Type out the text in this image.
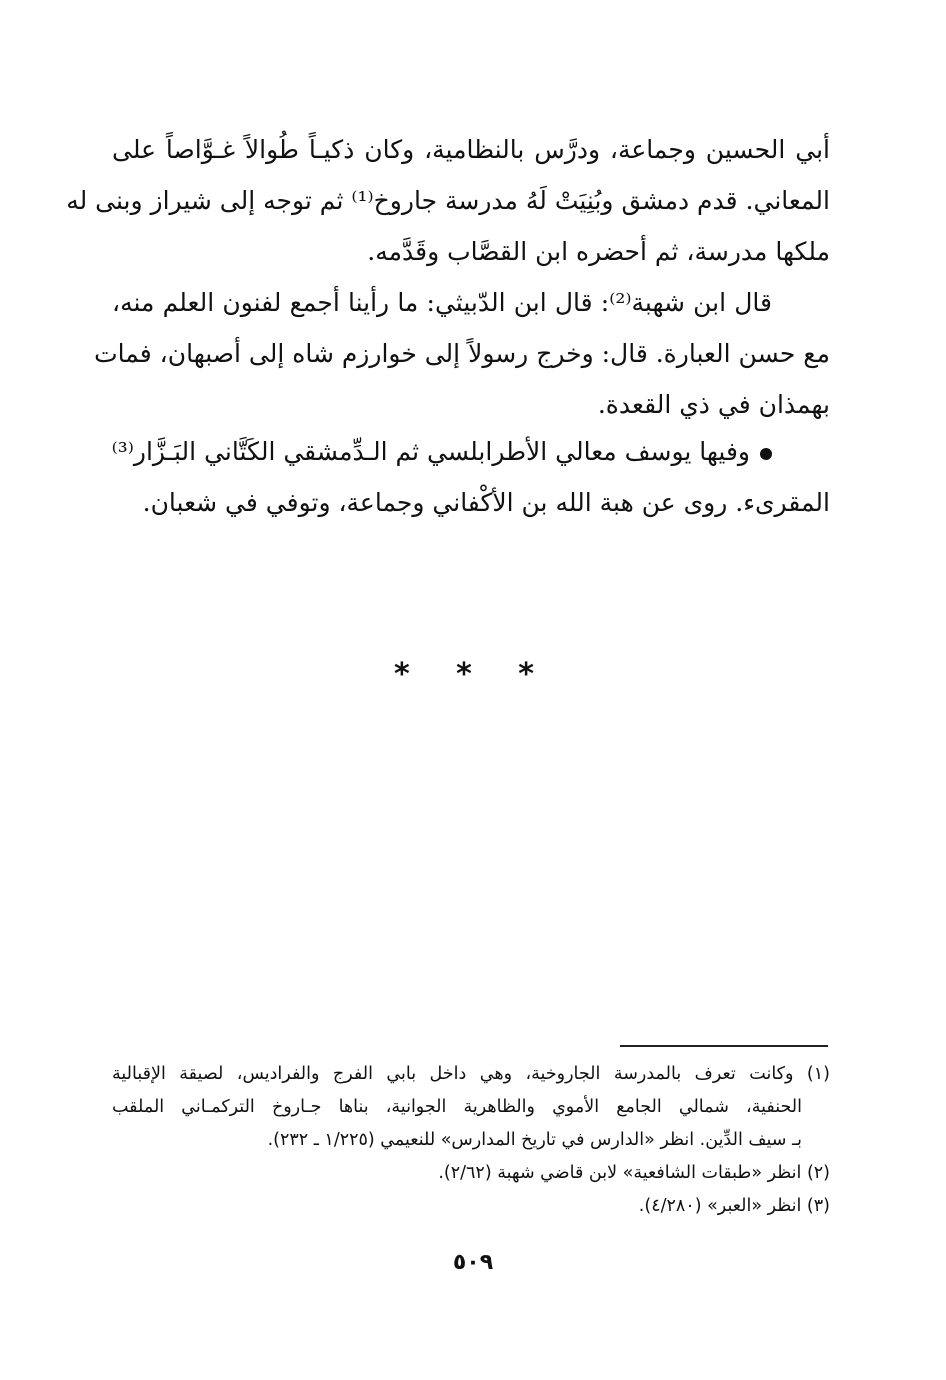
أبي الحسين وجماعة، ودرَّس بالنظامية، وكان ذكيـاً طُوالاً غـوَّاصاً على
المعاني. قدم دمشق وبُنِيَتْ لَهُ مدرسة جاروخ⁽¹⁾ ثم توجه إلى شيراز وبنى له
ملكها مدرسة، ثم أحضره ابن القصَّاب وقَدَّمه.
قال ابن شهبة⁽²⁾: قال ابن الدّبيثي: ما رأينا أجمع لفنون العلم منه،
مع حسن العبارة. قال: وخرج رسولاً إلى خوارزم شاه إلى أصبهان، فمات
بهمذان في ذي القعدة.
وفيها يوسف معالي الأطرابلسي ثم الـدِّمشقي الكَتَّاني البَـزَّار⁽³⁾
المقرىء. روى عن هبة الله بن الأكْفاني وجماعة، وتوفي في شعبان.
* * *
(١) وكانت تعرف بالمدرسة الجاروخية، وهي داخل بابي الفرج والفراديس، لصيقة الإقبالية
الحنفية، شمالي الجامع الأموي والظاهرية الجوانية، بناها جـاروخ التركمـاني الملقب
بـ سيف الدِّين. انظر «الدارس في تاريخ المدارس» للنعيمي (١/٢٢٥ ـ ٢٣٢).
(٢) انظر «طبقات الشافعية» لابن قاضي شهبة (٢/٦٢).
(٣) انظر «العبر» (٤/٢٨٠).
٥٠٩
